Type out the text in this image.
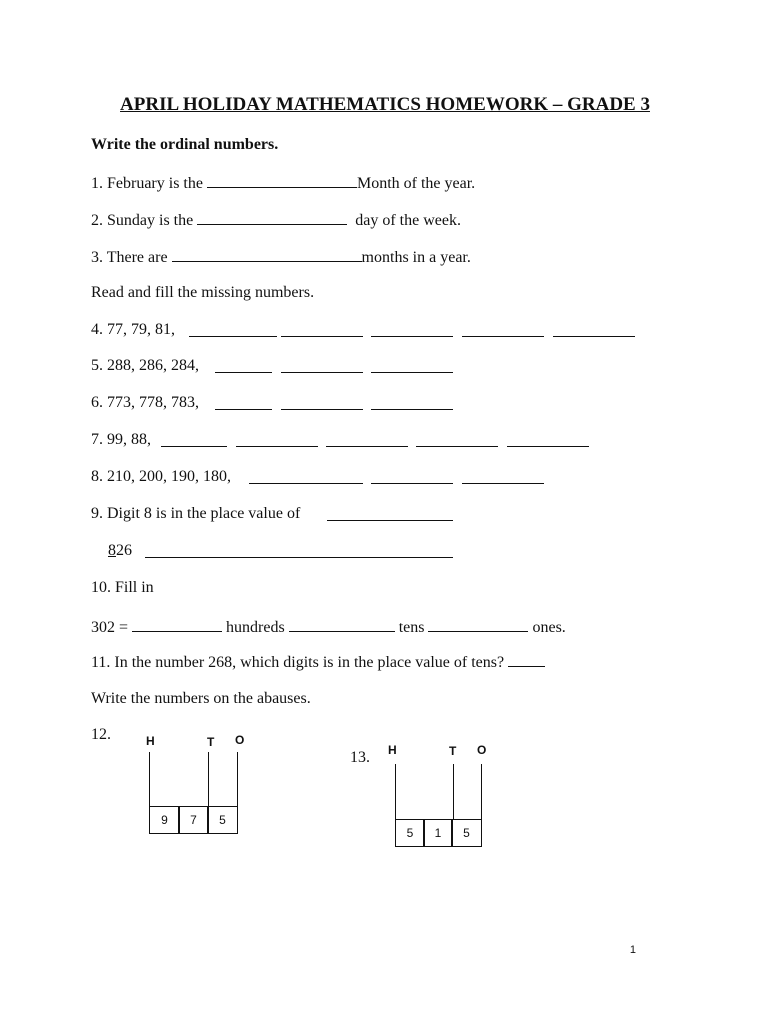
APRIL HOLIDAY MATHEMATICS HOMEWORK – GRADE 3
Write the ordinal numbers.
1. February is the	Month of the year.
2. Sunday is the	day of the week.
3. There are	months in a year.
Read and fill the missing numbers.
4. 77, 79, 81,
5. 288, 286, 284,
6. 773, 778, 783,
7. 99, 88,
8. 210, 200, 190, 180,
9. Digit 8 is in the place value of
826
10. Fill in
302 =	hundreds	tens	ones.
11. In the number 268, which digits is in the place value of tens?
Write the numbers on the abauses.
12.	H	T O
9	7	5
13. H	T O
5	1	5
1
